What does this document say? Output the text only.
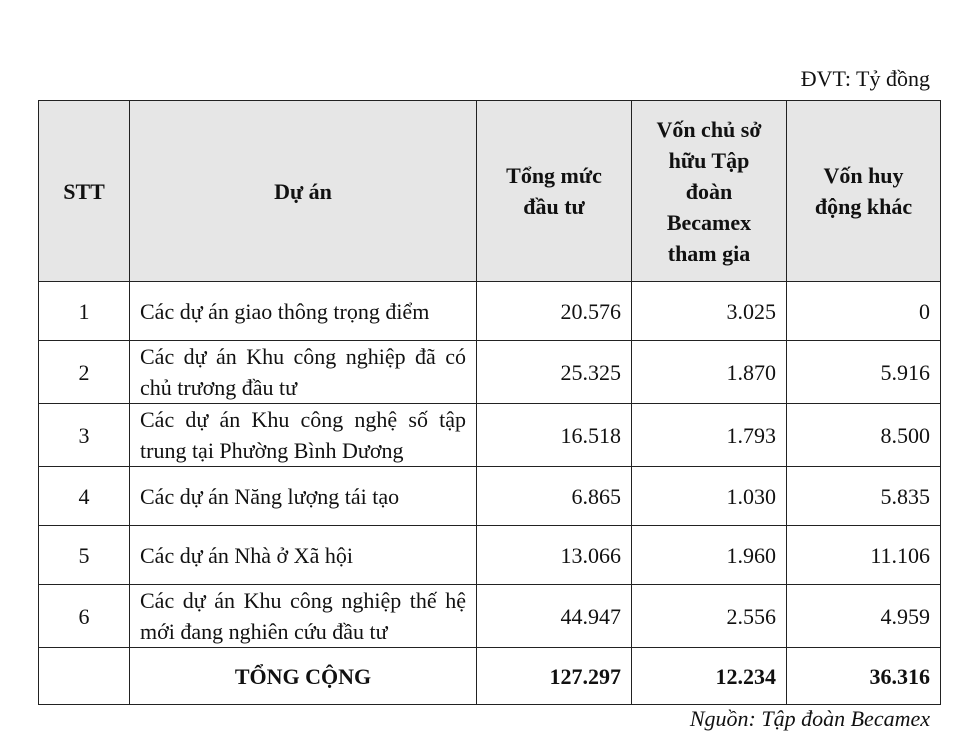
ĐVT: Tỷ đồng
STT	Dự án	Tổng mức đầu tư	Vốn chủ sở hữu Tập đoàn Becamex tham gia	Vốn huy động khác
1	Các dự án giao thông trọng điểm	20.576	3.025	0
2	Các dự án Khu công nghiệp đã có chủ trương đầu tư	25.325	1.870	5.916
3	Các dự án Khu công nghệ số tập trung tại Phường Bình Dương	16.518	1.793	8.500
4	Các dự án Năng lượng tái tạo	6.865	1.030	5.835
5	Các dự án Nhà ở Xã hội	13.066	1.960	11.106
6	Các dự án Khu công nghiệp thế hệ mới đang nghiên cứu đầu tư	44.947	2.556	4.959
	TỔNG CỘNG	127.297	12.234	36.316
Nguồn: Tập đoàn Becamex
